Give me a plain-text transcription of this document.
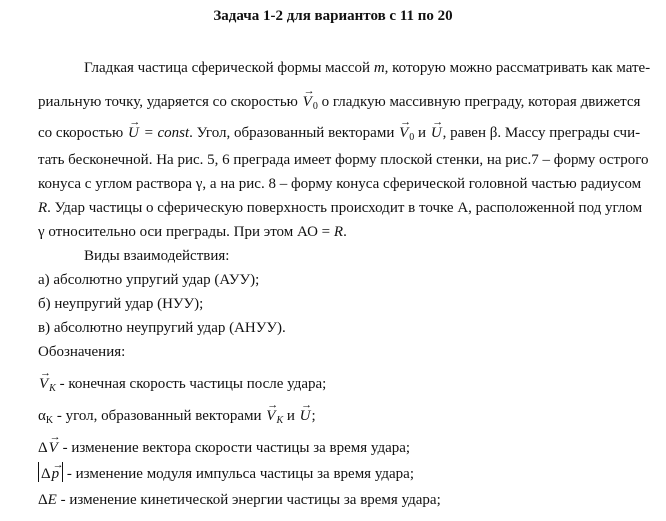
Задача 1-2 для вариантов с 11 по 20
Гладкая частица сферической формы массой m, которую можно рассматривать как мате-
риальную точку, ударяется со скоростью
→
$V_0$ о гладкую массивную преграду, которая движется
со скоростью
→
U = const. Угол, образованный векторами
→
$V_0$ и
→
U, равен β. Массу преграды счи-
тать бесконечной. На рис. 5, 6 преграда имеет форму плоской стенки, на рис.7 – форму острого
конуса с углом раствора γ, а на рис. 8 – форму конуса сферической головной частью радиусом
R. Удар частицы о сферическую поверхность происходит в точке А, расположенной под углом
γ относительно оси преграды. При этом АО = R.
Виды взаимодействия:
а) абсолютно упругий удар (АУУ);
б) неупругий удар (НУУ);
в) абсолютно неупругий удар (АНУУ).
Обозначения:
→
$V_K$ - конечная скорость частицы после удара;
$\alpha_K$ - угол, образованный векторами
→
$V_K$ и
→
U;
Δ
→
V - изменение вектора скорости частицы за время удара;
Δ
→
p - изменение модуля импульса частицы за время удара;
ΔE - изменение кинетической энергии частицы за время удара;
